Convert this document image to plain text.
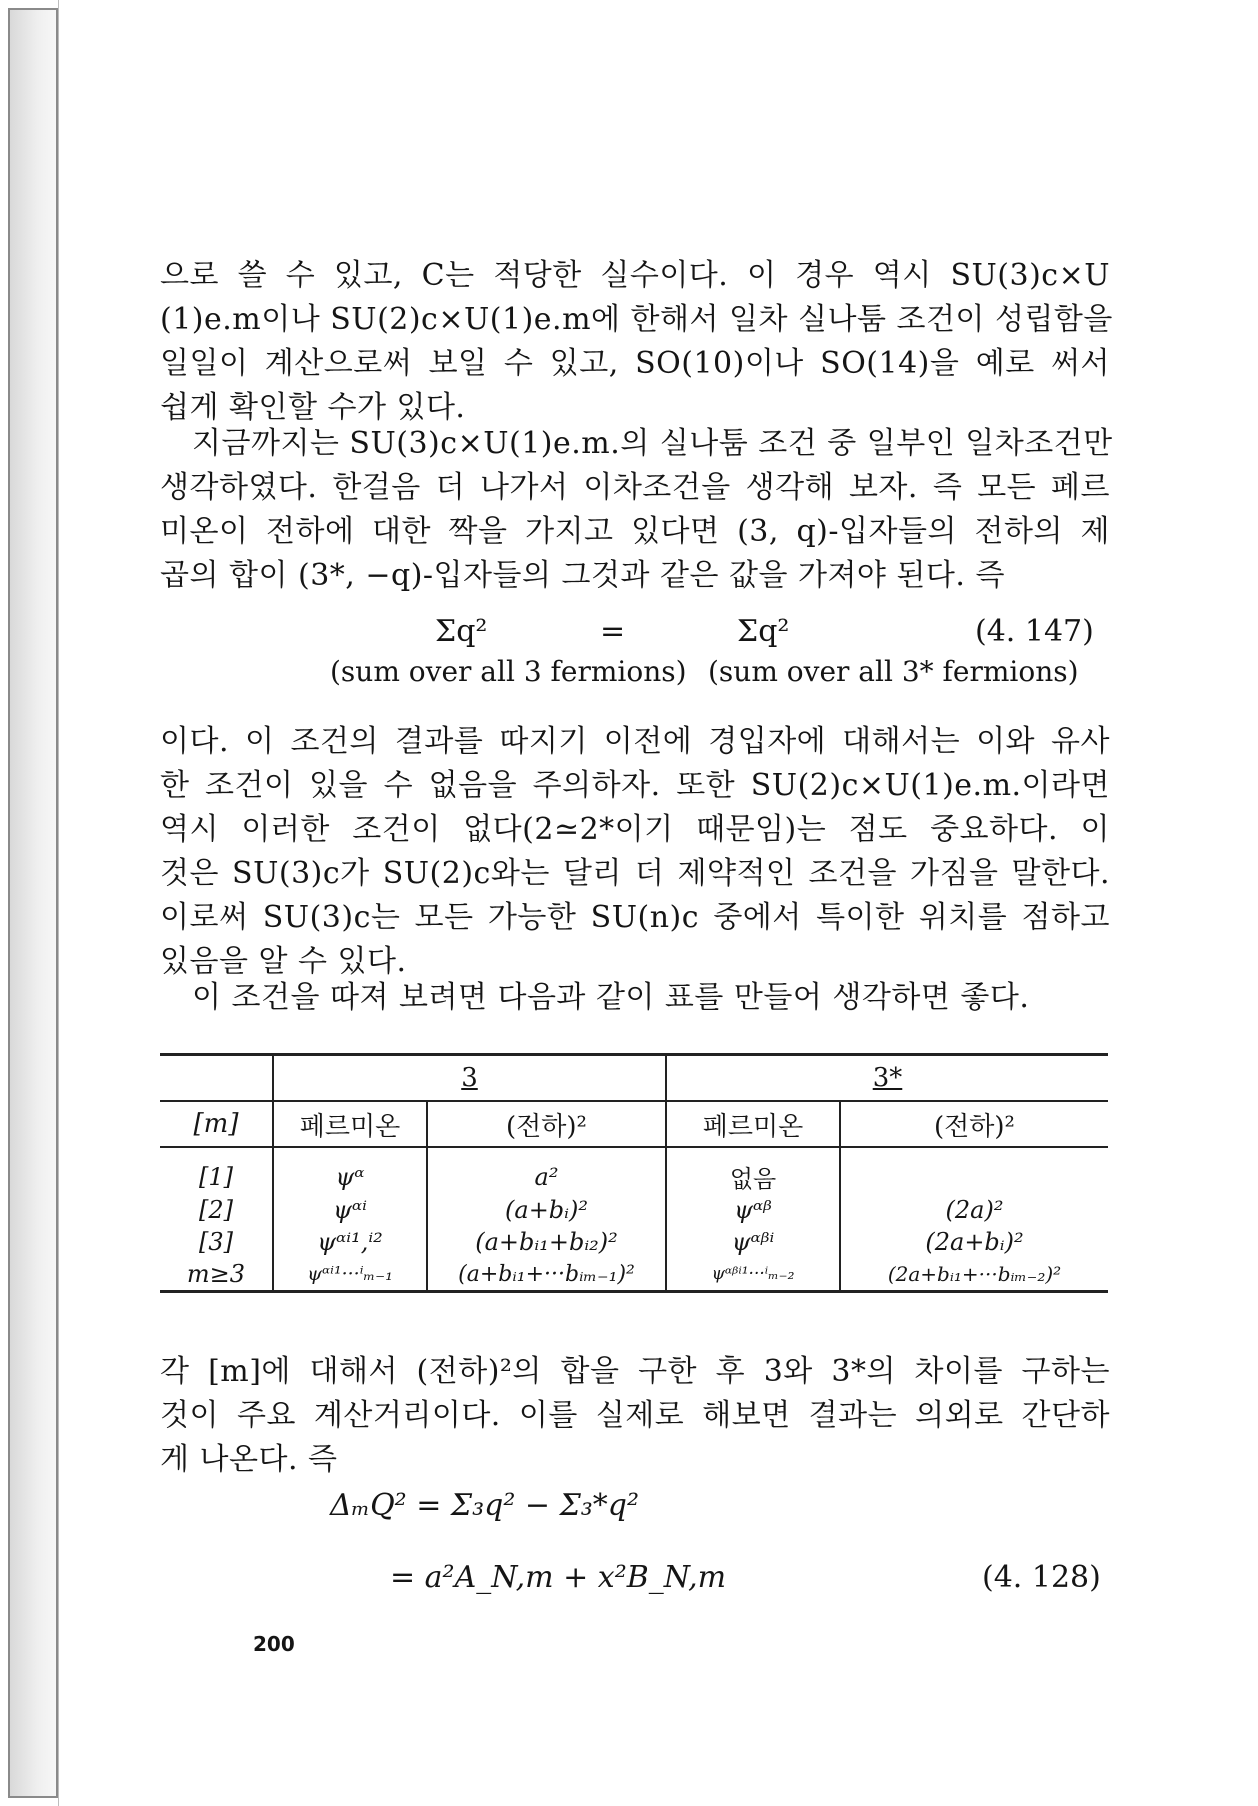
으로 쓸 수 있고, C는 적당한 실수이다. 이 경우 역시 SU(3)c×U
(1)e.m이나 SU(2)c×U(1)e.m에 한해서 일차 실나툼 조건이 성립함을
일일이 계산으로써 보일 수 있고, SO(10)이나 SO(14)을 예로 써서
쉽게 확인할 수가 있다.
지금까지는 SU(3)c×U(1)e.m.의 실나툼 조건 중 일부인 일차조건만
생각하였다. 한걸음 더 나가서 이차조건을 생각해 보자. 즉 모든 페르
미온이 전하에 대한 짝을 가지고 있다면 (3, q)-입자들의 전하의 제
곱의 합이 (3*, −q)-입자들의 그것과 같은 값을 가져야 된다. 즉
Σq²	=	Σq²	(4. 147)
(sum over all 3 fermions) (sum over all 3* fermions)
이다. 이 조건의 결과를 따지기 이전에 경입자에 대해서는 이와 유사
한 조건이 있을 수 없음을 주의하자. 또한 SU(2)c×U(1)e.m.이라면
역시 이러한 조건이 없다(2≃2*이기 때문임)는 점도 중요하다. 이
것은 SU(3)c가 SU(2)c와는 달리 더 제약적인 조건을 가짐을 말한다.
이로써 SU(3)c는 모든 가능한 SU(n)c 중에서 특이한 위치를 점하고
있음을 알 수 있다.
이 조건을 따져 보려면 다음과 같이 표를 만들어 생각하면 좋다.
	3		3*	
[m]	페르미온	(전하)²	페르미온	(전하)²

[1]	ψᵅ	a²	없음	
[2]	ψᵅⁱ	(a+bᵢ)²	ψᵅᵝ	(2a)²
[3]	ψᵅⁱ¹,ⁱ²	(a+bᵢ₁+bᵢ₂)²	ψᵅᵝⁱ	(2a+bᵢ)²
m≥3	ψᵅⁱ¹···ⁱₘ₋₁	(a+bᵢ₁+···bᵢₘ₋₁)²	ψᵅᵝⁱ¹···ⁱₘ₋₂	(2a+bᵢ₁+···bᵢₘ₋₂)²
각 [m]에 대해서 (전하)²의 합을 구한 후 3와 3*의 차이를 구하는
것이 주요 계산거리이다. 이를 실제로 해보면 결과는 의외로 간단하
게 나온다. 즉
ΔₘQ² = Σ₃q² − Σ₃*q²
= a²A_N,m + x²B_N,m	(4. 128)
200
